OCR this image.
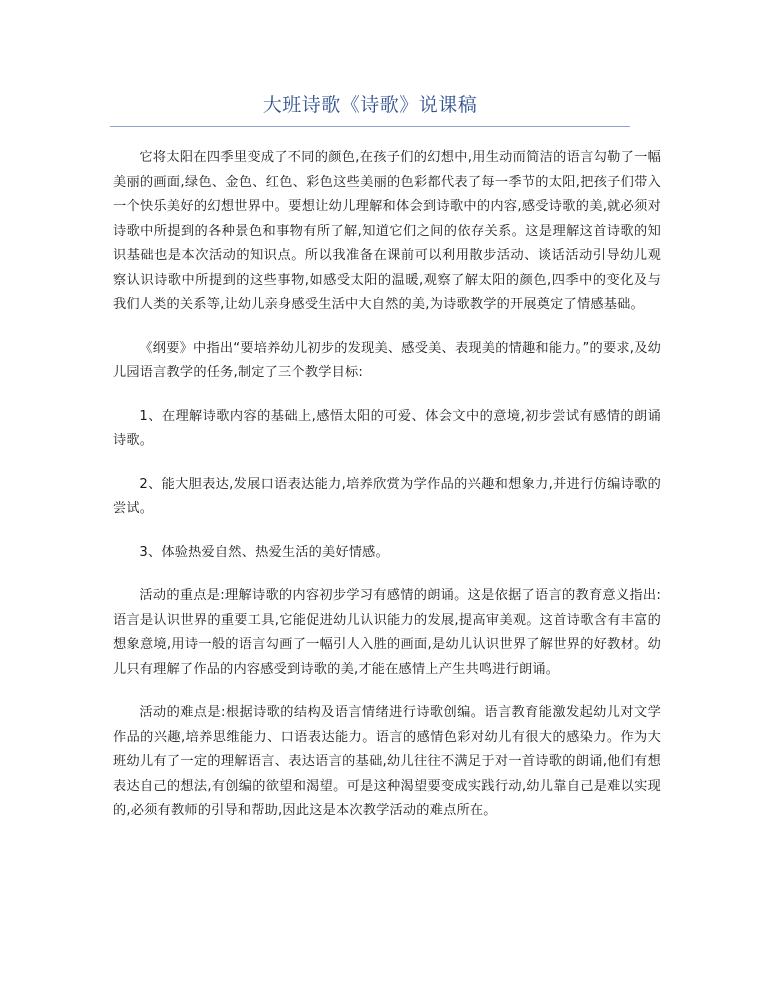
大班诗歌《诗歌》说课稿

它将太阳在四季里变成了不同的颜色,在孩子们的幻想中,用生动而简洁的语言勾勒了一幅美丽的画面,绿色、金色、红色、彩色这些美丽的色彩都代表了每一季节的太阳,把孩子们带入一个快乐美好的幻想世界中。要想让幼儿理解和体会到诗歌中的内容,感受诗歌的美,就必须对诗歌中所提到的各种景色和事物有所了解,知道它们之间的依存关系。这是理解这首诗歌的知识基础也是本次活动的知识点。所以我准备在课前可以利用散步活动、谈话活动引导幼儿观察认识诗歌中所提到的这些事物,如感受太阳的温暖,观察了解太阳的颜色,四季中的变化及与我们人类的关系等,让幼儿亲身感受生活中大自然的美,为诗歌教学的开展奠定了情感基础。

《纲要》中指出“要培养幼儿初步的发现美、感受美、表现美的情趣和能力。”的要求,及幼儿园语言教学的任务,制定了三个教学目标:

1、在理解诗歌内容的基础上,感悟太阳的可爱、体会文中的意境,初步尝试有感情的朗诵诗歌。

2、能大胆表达,发展口语表达能力,培养欣赏为学作品的兴趣和想象力,并进行仿编诗歌的尝试。

3、体验热爱自然、热爱生活的美好情感。

活动的重点是:理解诗歌的内容初步学习有感情的朗诵。这是依据了语言的教育意义指出:语言是认识世界的重要工具,它能促进幼儿认识能力的发展,提高审美观。这首诗歌含有丰富的想象意境,用诗一般的语言勾画了一幅引人入胜的画面,是幼儿认识世界了解世界的好教材。幼儿只有理解了作品的内容感受到诗歌的美,才能在感情上产生共鸣进行朗诵。

活动的难点是:根据诗歌的结构及语言情绪进行诗歌创编。语言教育能激发起幼儿对文学作品的兴趣,培养思维能力、口语表达能力。语言的感情色彩对幼儿有很大的感染力。作为大班幼儿有了一定的理解语言、表达语言的基础,幼儿往往不满足于对一首诗歌的朗诵,他们有想表达自己的想法,有创编的欲望和渴望。可是这种渴望要变成实践行动,幼儿靠自己是难以实现的,必须有教师的引导和帮助,因此这是本次教学活动的难点所在。
